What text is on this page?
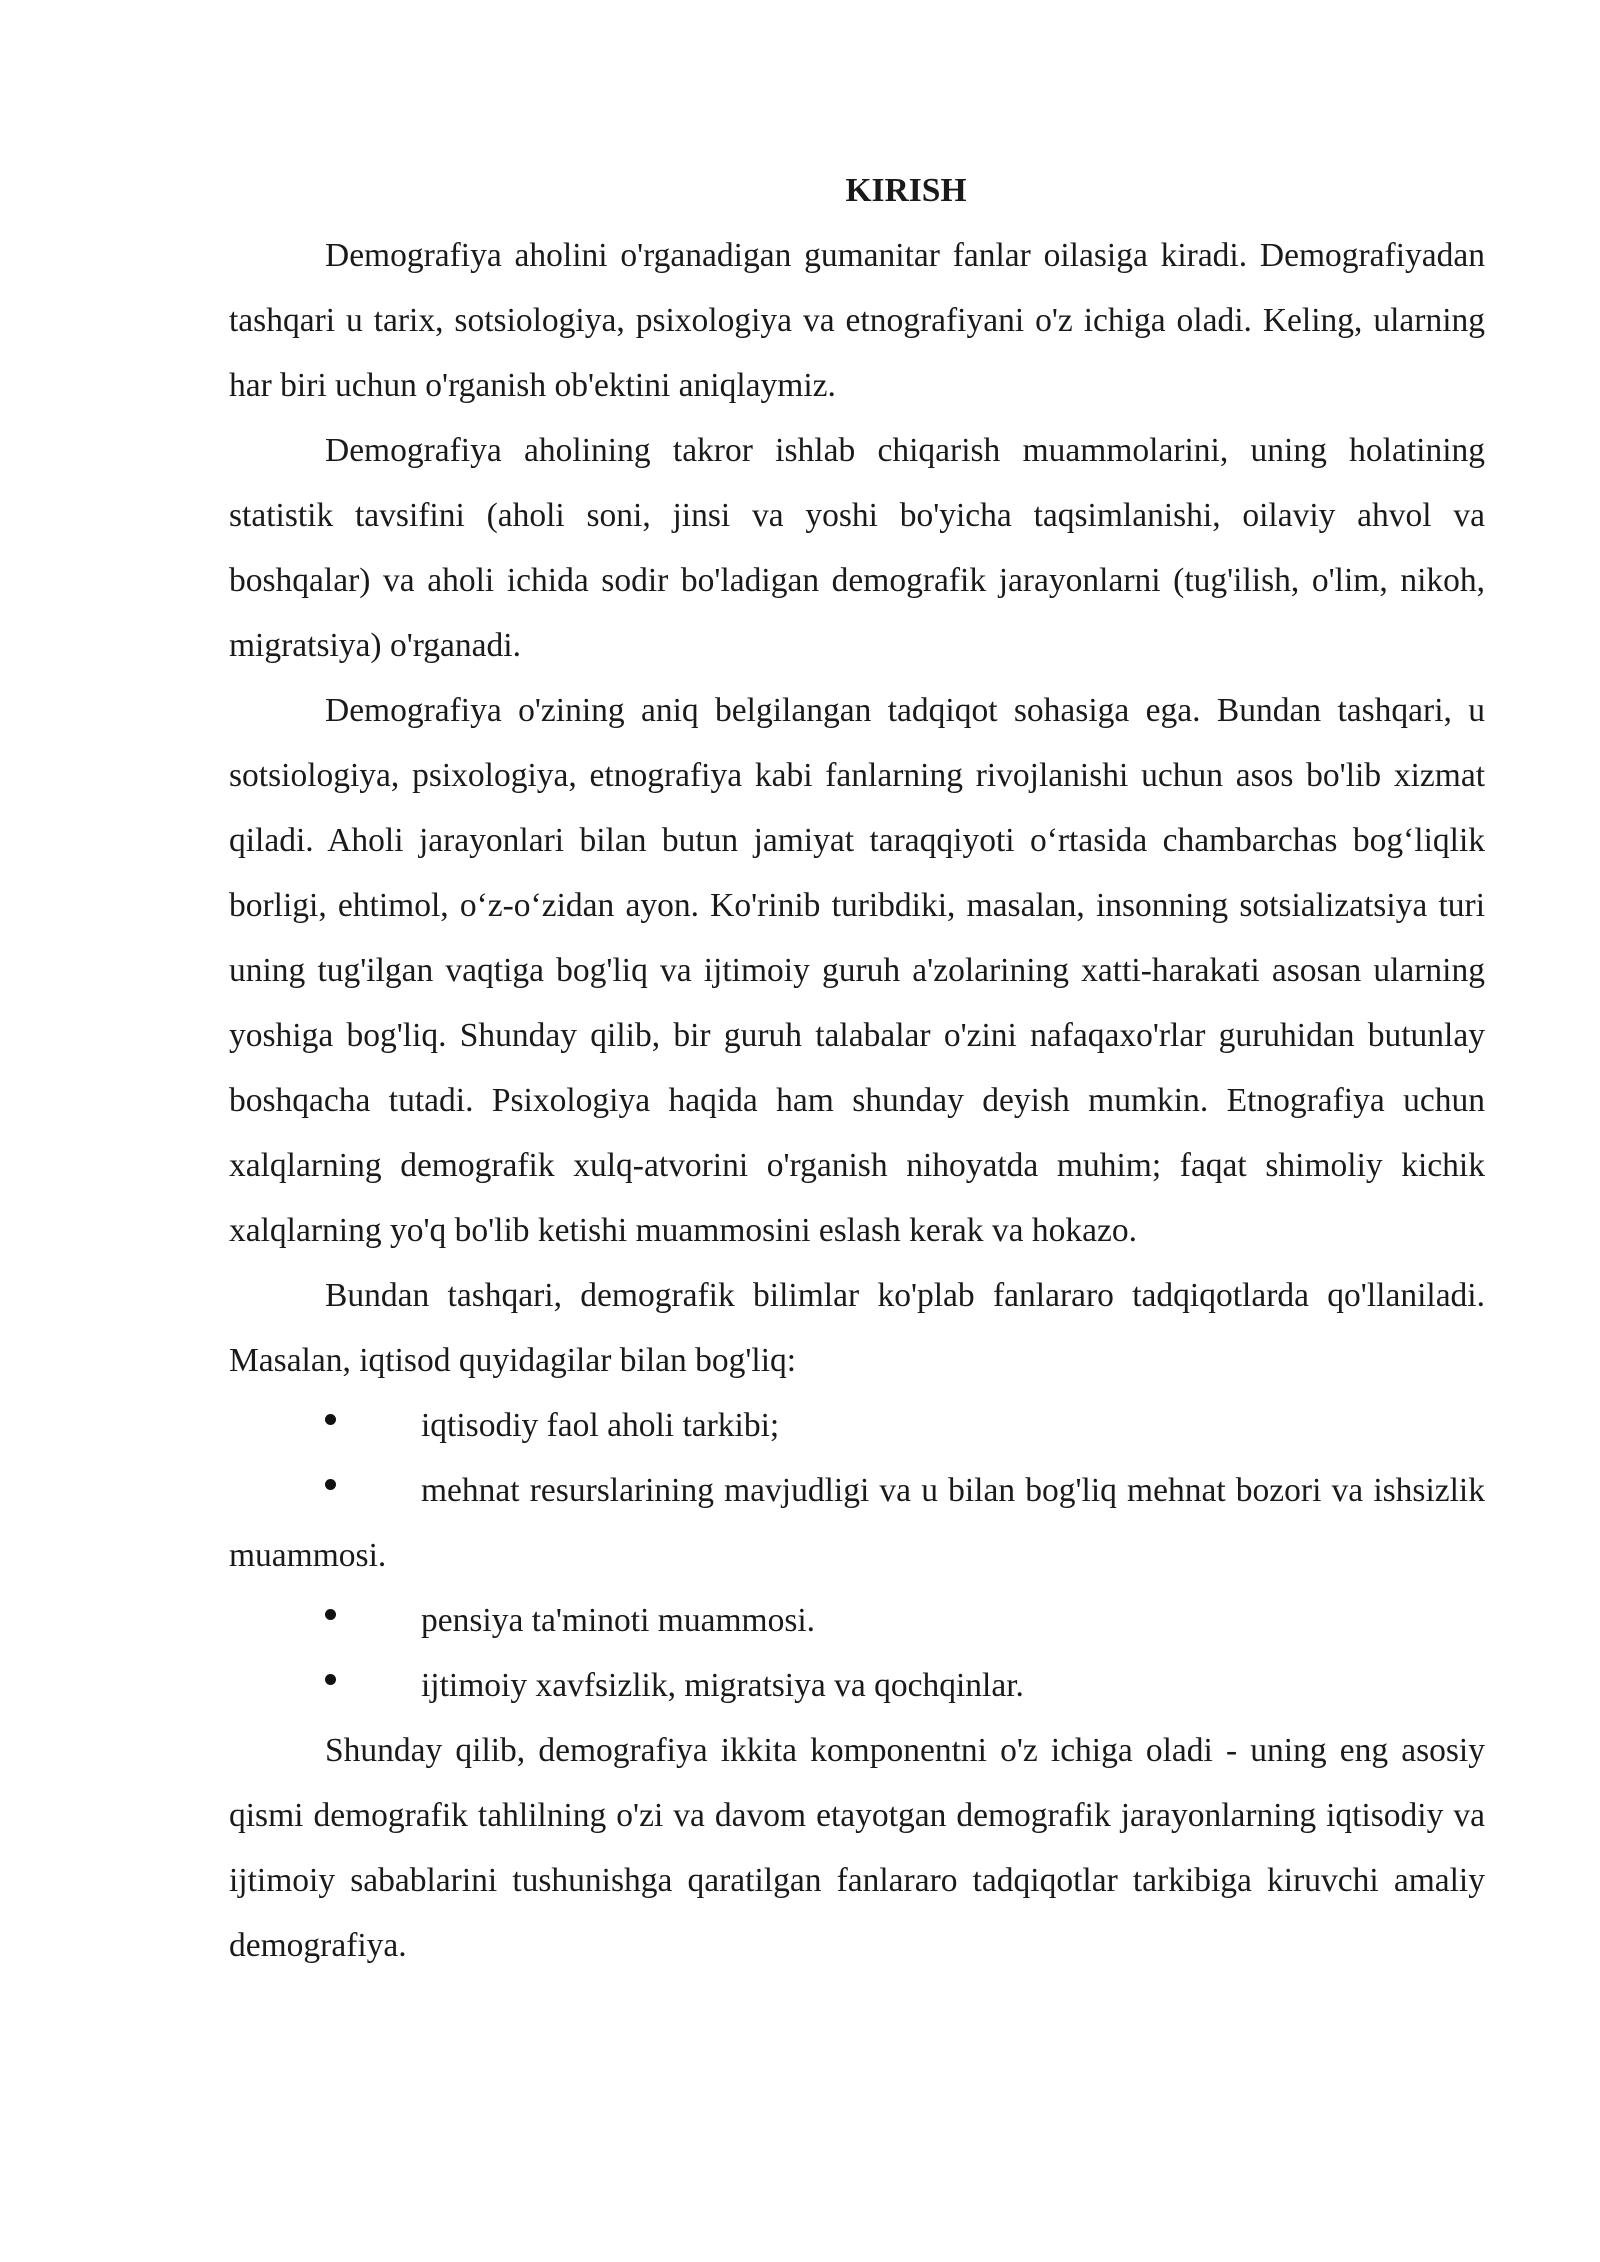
KIRISH

Demografiya aholini o'rganadigan gumanitar fanlar oilasiga kiradi. Demografiyadan tashqari u tarix, sotsiologiya, psixologiya va etnografiyani o'z ichiga oladi. Keling, ularning har biri uchun o'rganish ob'ektini aniqlaymiz.

Demografiya aholining takror ishlab chiqarish muammolarini, uning holatining statistik tavsifini (aholi soni, jinsi va yoshi bo'yicha taqsimlanishi, oilaviy ahvol va boshqalar) va aholi ichida sodir bo'ladigan demografik jarayonlarni (tug'ilish, o'lim, nikoh, migratsiya) o'rganadi.

Demografiya o'zining aniq belgilangan tadqiqot sohasiga ega. Bundan tashqari, u sotsiologiya, psixologiya, etnografiya kabi fanlarning rivojlanishi uchun asos bo'lib xizmat qiladi. Aholi jarayonlari bilan butun jamiyat taraqqiyoti o‘rtasida chambarchas bog‘liqlik borligi, ehtimol, o‘z-o‘zidan ayon. Ko'rinib turibdiki, masalan, insonning sotsializatsiya turi uning tug'ilgan vaqtiga bog'liq va ijtimoiy guruh a'zolarining xatti-harakati asosan ularning yoshiga bog'liq. Shunday qilib, bir guruh talabalar o'zini nafaqaxo'rlar guruhidan butunlay boshqacha tutadi. Psixologiya haqida ham shunday deyish mumkin. Etnografiya uchun xalqlarning demografik xulq-atvorini o'rganish nihoyatda muhim; faqat shimoliy kichik xalqlarning yo'q bo'lib ketishi muammosini eslash kerak va hokazo.

Bundan tashqari, demografik bilimlar ko'plab fanlararo tadqiqotlarda qo'llaniladi. Masalan, iqtisod quyidagilar bilan bog'liq:

iqtisodiy faol aholi tarkibi;
mehnat resurslarining mavjudligi va u bilan bog'liq mehnat bozori va ishsizlik muammosi.
pensiya ta'minoti muammosi.
ijtimoiy xavfsizlik, migratsiya va qochqinlar.

Shunday qilib, demografiya ikkita komponentni o'z ichiga oladi - uning eng asosiy qismi demografik tahlilning o'zi va davom etayotgan demografik jarayonlarning iqtisodiy va ijtimoiy sabablarini tushunishga qaratilgan fanlararo tadqiqotlar tarkibiga kiruvchi amaliy demografiya.
